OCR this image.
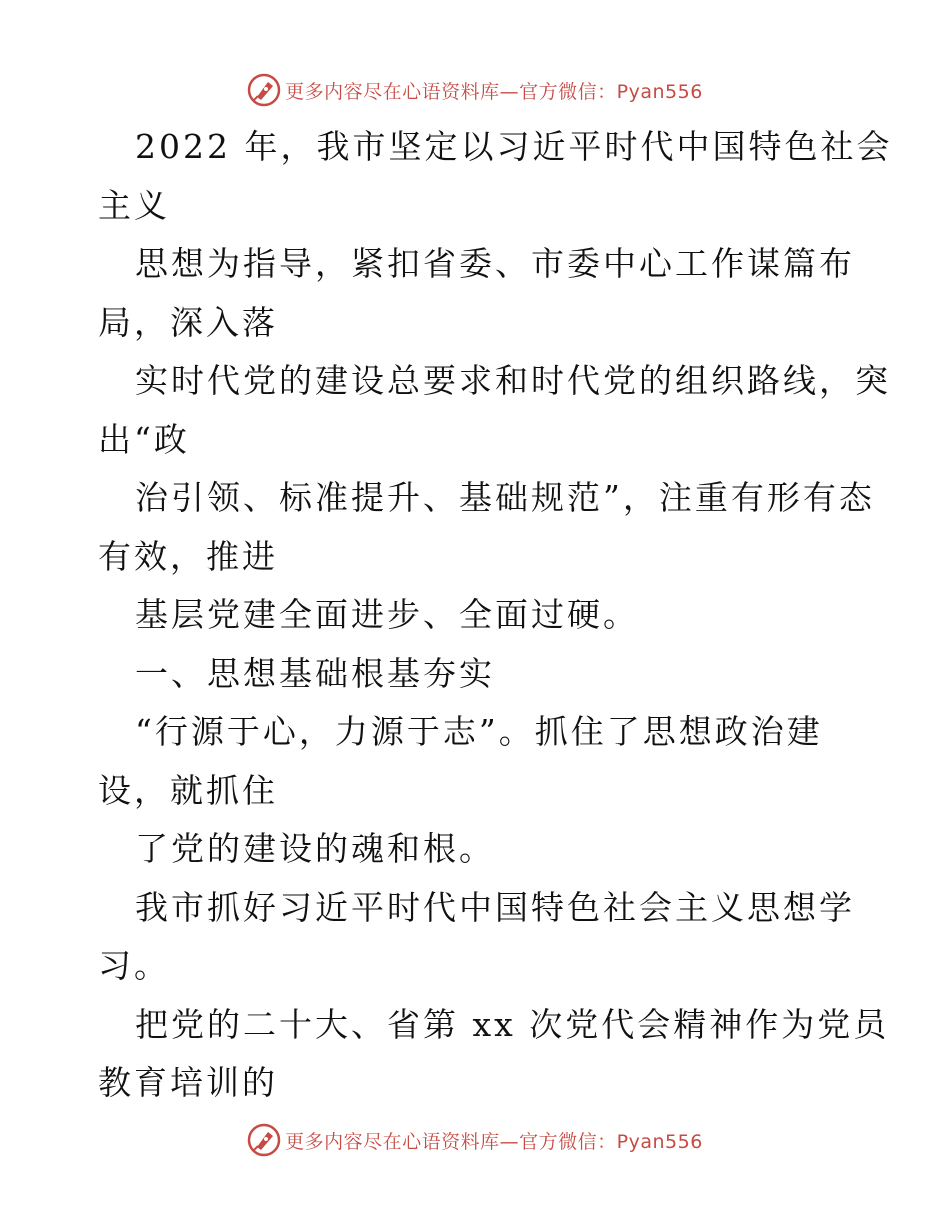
更多内容尽在心语资料库—官方微信：Pyan556
2022 年，我市坚定以习近平时代中国特色社会
主义
思想为指导，紧扣省委、市委中心工作谋篇布
局，深入落
实时代党的建设总要求和时代党的组织路线，突
出“政
治引领、标准提升、基础规范”，注重有形有态
有效，推进
基层党建全面进步、全面过硬。
一、思想基础根基夯实
“行源于心，力源于志”。抓住了思想政治建
设，就抓住
了党的建设的魂和根。
我市抓好习近平时代中国特色社会主义思想学
习。
把党的二十大、省第 xx 次党代会精神作为党员
教育培训的
更多内容尽在心语资料库—官方微信：Pyan556
